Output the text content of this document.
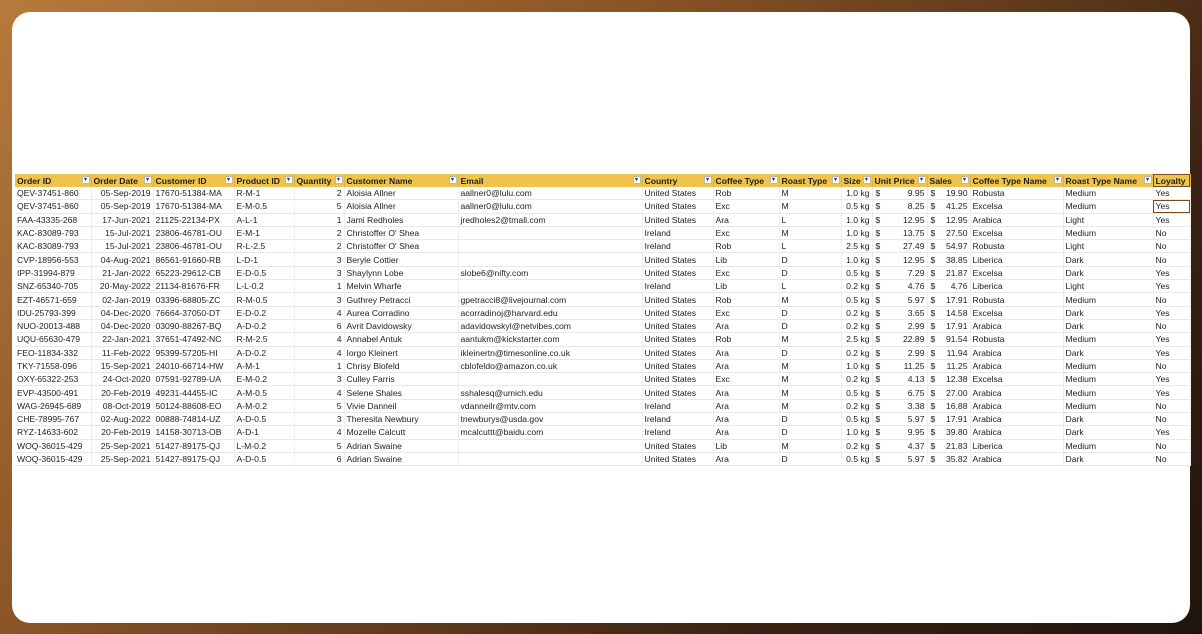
Order ID ▾	Order Date ▾	Customer ID ▾	Product ID ▾	Quantity ▾	Customer Name ▾	Email ▾	Country ▾	Coffee Type ▾	Roast Type ▾	Size ▾	Unit Price ▾	Sales ▾	Coffee Type Name ▾	Roast Type Name ▾	Loyalty
QEV-37451-860	05-Sep-2019	17670-51384-MA	R-M-1	2	Aloisia Allner	aallner0@lulu.com	United States	Rob	M	1.0 kg	$ 9.95	$ 19.90	Robusta	Medium	Yes
QEV-37451-860	05-Sep-2019	17670-51384-MA	E-M-0.5	5	Aloisia Allner	aallner0@lulu.com	United States	Exc	M	0.5 kg	$ 8.25	$ 41.25	Excelsa	Medium	Yes
FAA-43335-268	17-Jun-2021	21125-22134-PX	A-L-1	1	Jami Redholes	jredholes2@tmall.com	United States	Ara	L	1.0 kg	$ 12.95	$ 12.95	Arabica	Light	Yes
KAC-83089-793	15-Jul-2021	23806-46781-OU	E-M-1	2	Christoffer O' Shea		Ireland	Exc	M	1.0 kg	$ 13.75	$ 27.50	Excelsa	Medium	No
KAC-83089-793	15-Jul-2021	23806-46781-OU	R-L-2.5	2	Christoffer O' Shea		Ireland	Rob	L	2.5 kg	$ 27.49	$ 54.97	Robusta	Light	No
CVP-18956-553	04-Aug-2021	86561-91660-RB	L-D-1	3	Beryle Cottier		United States	Lib	D	1.0 kg	$ 12.95	$ 38.85	Liberica	Dark	No
IPP-31994-879	21-Jan-2022	65223-29612-CB	E-D-0.5	3	Shaylynn Lobe	slobe6@nifty.com	United States	Exc	D	0.5 kg	$ 7.29	$ 21.87	Excelsa	Dark	Yes
SNZ-65340-705	20-May-2022	21134-81676-FR	L-L-0.2	1	Melvin Wharfe		Ireland	Lib	L	0.2 kg	$ 4.76	$ 4.76	Liberica	Light	Yes
EZT-46571-659	02-Jan-2019	03396-68805-ZC	R-M-0.5	3	Guthrey Petracci	gpetracci8@livejournal.com	United States	Rob	M	0.5 kg	$ 5.97	$ 17.91	Robusta	Medium	No
IDU-25793-399	04-Dec-2020	76664-37050-DT	E-D-0.2	4	Aurea Corradino	acorradinoj@harvard.edu	United States	Exc	D	0.2 kg	$ 3.65	$ 14.58	Excelsa	Dark	Yes
NUO-20013-488	04-Dec-2020	03090-88267-BQ	A-D-0.2	6	Avrit Davidowsky	adavidowskyl@netvibes.com	United States	Ara	D	0.2 kg	$ 2.99	$ 17.91	Arabica	Dark	No
UQU-65630-479	22-Jan-2021	37651-47492-NC	R-M-2.5	4	Annabel Antuk	aantukm@kickstarter.com	United States	Rob	M	2.5 kg	$ 22.89	$ 91.54	Robusta	Medium	Yes
FEO-11834-332	11-Feb-2022	95399-57205-HI	A-D-0.2	4	Iorgo Kleinert	ikleinertn@timesonline.co.uk	United States	Ara	D	0.2 kg	$ 2.99	$ 11.94	Arabica	Dark	Yes
TKY-71558-096	15-Sep-2021	24010-66714-HW	A-M-1	1	Chrisy Blofeld	cblofeldo@amazon.co.uk	United States	Ara	M	1.0 kg	$ 11.25	$ 11.25	Arabica	Medium	No
OXY-65322-253	24-Oct-2020	07591-92789-UA	E-M-0.2	3	Culley Farris		United States	Exc	M	0.2 kg	$ 4.13	$ 12.38	Excelsa	Medium	Yes
EVP-43500-491	20-Feb-2019	49231-44455-IC	A-M-0.5	4	Selene Shales	sshalesq@umich.edu	United States	Ara	M	0.5 kg	$ 6.75	$ 27.00	Arabica	Medium	Yes
WAG-26945-689	08-Oct-2019	50124-88608-EO	A-M-0.2	5	Vivie Danneil	vdanneilr@mtv.com	Ireland	Ara	M	0.2 kg	$ 3.38	$ 16.88	Arabica	Medium	No
CHE-78995-767	02-Aug-2022	00888-74814-UZ	A-D-0.5	3	Theresita Newbury	tnewburys@usda.gov	Ireland	Ara	D	0.5 kg	$ 5.97	$ 17.91	Arabica	Dark	No
RYZ-14633-602	20-Feb-2019	14158-30713-OB	A-D-1	4	Mozelle Calcutt	mcalcuttt@baidu.com	Ireland	Ara	D	1.0 kg	$ 9.95	$ 39.80	Arabica	Dark	Yes
WOQ-36015-429	25-Sep-2021	51427-89175-QJ	L-M-0.2	5	Adrian Swaine		United States	Lib	M	0.2 kg	$ 4.37	$ 21.83	Liberica	Medium	No
WOQ-36015-429	25-Sep-2021	51427-89175-QJ	A-D-0.5	6	Adrian Swaine		United States	Ara	D	0.5 kg	$ 5.97	$ 35.82	Arabica	Dark	No
